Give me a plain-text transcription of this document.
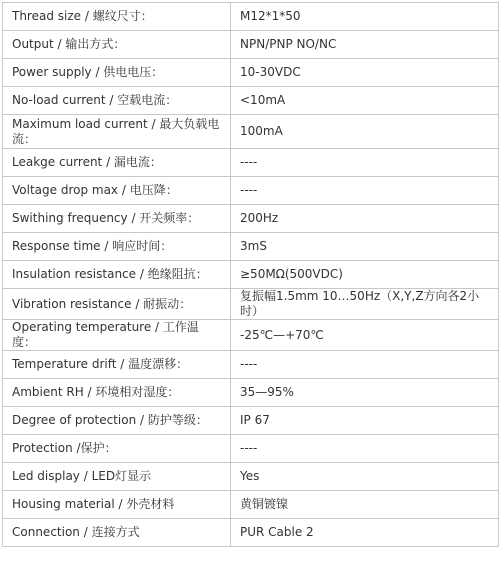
Thread size / 螺纹尺寸：	M12*1*50
Output / 输出方式：	NPN/PNP NO/NC
Power supply / 供电电压：	10-30VDC
No-load current / 空载电流：	<10mA
Maximum load current / 最大负载电流：	100mA
Leakge current / 漏电流：	----
Voltage drop max / 电压降：	----
Swithing frequency / 开关频率：	200Hz
Response time / 响应时间：	3mS
Insulation resistance / 绝缘阻抗：	≥50MΩ(500VDC)
Vibration resistance / 耐振动：	复振幅1.5mm 10…50Hz（X,Y,Z方向各2小时）
Operating temperature / 工作温度：	-25℃—+70℃
Temperature drift / 温度漂移：	----
Ambient RH / 环境相对湿度：	35—95%
Degree of protection / 防护等级：	IP 67
Protection /保护：	----
Led display / LED灯显示	Yes
Housing material / 外壳材料	黄铜镀镍
Connection / 连接方式	PUR Cable 2
